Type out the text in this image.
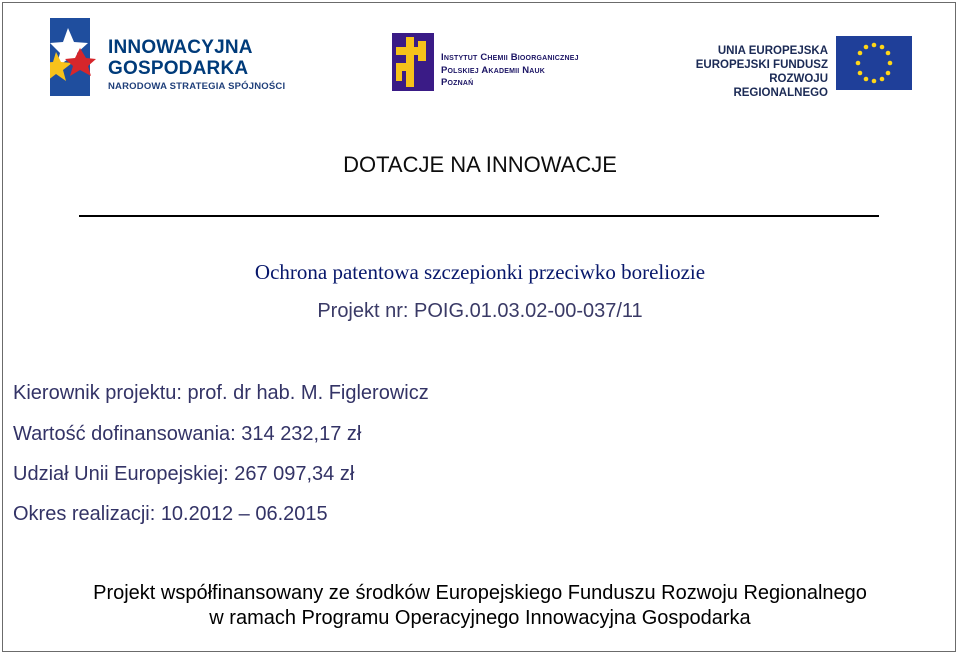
INNOWACYJNA
GOSPODARKA
NARODOWA STRATEGIA SPÓJNOŚCI
Instytut Chemii Bioorganicznej
Polskiej Akademii Nauk
Poznań
UNIA EUROPEJSKA
EUROPEJSKI FUNDUSZ
ROZWOJU REGIONALNEGO
DOTACJE NA INNOWACJE
Ochrona patentowa szczepionki przeciwko boreliozie
Projekt nr: POIG.01.03.02-00-037/11
Kierownik projektu: prof. dr hab. M. Figlerowicz
Wartość dofinansowania: 314 232,17 zł
Udział Unii Europejskiej: 267 097,34 zł
Okres realizacji: 10.2012 – 06.2015
Projekt współfinansowany ze środków Europejskiego Funduszu Rozwoju Regionalnego
w ramach Programu Operacyjnego Innowacyjna Gospodarka
